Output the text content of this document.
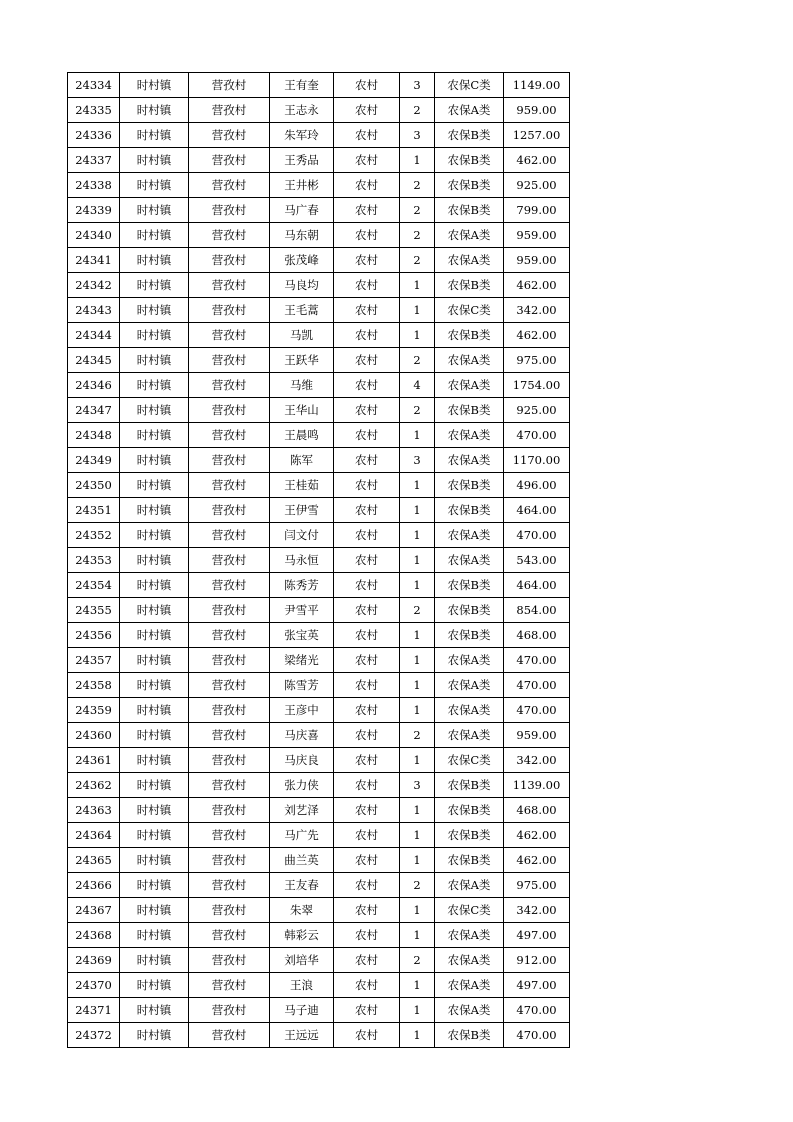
24334	时村镇	营孜村	王有奎	农村	3	农保C类	1149.00
24335	时村镇	营孜村	王志永	农村	2	农保A类	959.00
24336	时村镇	营孜村	朱军玲	农村	3	农保B类	1257.00
24337	时村镇	营孜村	王秀品	农村	1	农保B类	462.00
24338	时村镇	营孜村	王井彬	农村	2	农保B类	925.00
24339	时村镇	营孜村	马广春	农村	2	农保B类	799.00
24340	时村镇	营孜村	马东朝	农村	2	农保A类	959.00
24341	时村镇	营孜村	张茂峰	农村	2	农保A类	959.00
24342	时村镇	营孜村	马良均	农村	1	农保B类	462.00
24343	时村镇	营孜村	王毛蒿	农村	1	农保C类	342.00
24344	时村镇	营孜村	马凯	农村	1	农保B类	462.00
24345	时村镇	营孜村	王跃华	农村	2	农保A类	975.00
24346	时村镇	营孜村	马维	农村	4	农保A类	1754.00
24347	时村镇	营孜村	王华山	农村	2	农保B类	925.00
24348	时村镇	营孜村	王晨鸣	农村	1	农保A类	470.00
24349	时村镇	营孜村	陈军	农村	3	农保A类	1170.00
24350	时村镇	营孜村	王桂茹	农村	1	农保B类	496.00
24351	时村镇	营孜村	王伊雪	农村	1	农保B类	464.00
24352	时村镇	营孜村	闫文付	农村	1	农保A类	470.00
24353	时村镇	营孜村	马永恒	农村	1	农保A类	543.00
24354	时村镇	营孜村	陈秀芳	农村	1	农保B类	464.00
24355	时村镇	营孜村	尹雪平	农村	2	农保B类	854.00
24356	时村镇	营孜村	张宝英	农村	1	农保B类	468.00
24357	时村镇	营孜村	梁绪光	农村	1	农保A类	470.00
24358	时村镇	营孜村	陈雪芳	农村	1	农保A类	470.00
24359	时村镇	营孜村	王彦中	农村	1	农保A类	470.00
24360	时村镇	营孜村	马庆喜	农村	2	农保A类	959.00
24361	时村镇	营孜村	马庆良	农村	1	农保C类	342.00
24362	时村镇	营孜村	张力侠	农村	3	农保B类	1139.00
24363	时村镇	营孜村	刘艺泽	农村	1	农保B类	468.00
24364	时村镇	营孜村	马广先	农村	1	农保B类	462.00
24365	时村镇	营孜村	曲兰英	农村	1	农保B类	462.00
24366	时村镇	营孜村	王友春	农村	2	农保A类	975.00
24367	时村镇	营孜村	朱翠	农村	1	农保C类	342.00
24368	时村镇	营孜村	韩彩云	农村	1	农保A类	497.00
24369	时村镇	营孜村	刘培华	农村	2	农保A类	912.00
24370	时村镇	营孜村	王浪	农村	1	农保A类	497.00
24371	时村镇	营孜村	马子迪	农村	1	农保A类	470.00
24372	时村镇	营孜村	王远远	农村	1	农保B类	470.00
